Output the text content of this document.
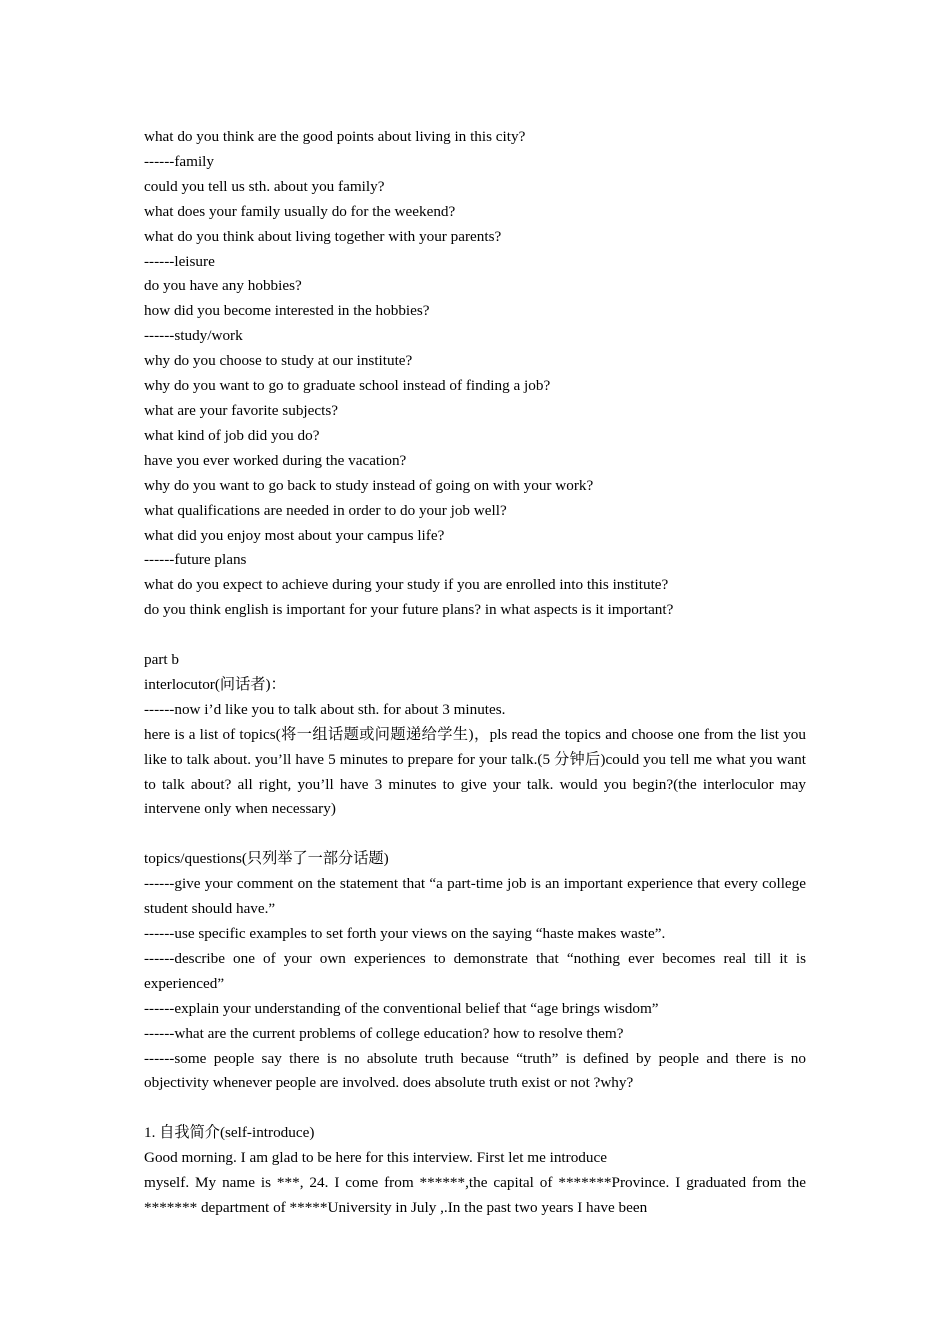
what do you think are the good points about living in this city?
------family
could you tell us sth. about you family?
what does your family usually do for the weekend?
what do you think about living together with your parents?
------leisure
do you have any hobbies?
how did you become interested in the hobbies?
------study/work
why do you choose to study at our institute?
why do you want to go to graduate school instead of finding a job?
what are your favorite subjects?
what kind of job did you do?
have you ever worked during the vacation?
why do you want to go back to study instead of going on with your work?
what qualifications are needed in order to do your job well?
what did you enjoy most about your campus life?
------future plans
what do you expect to achieve during your study if you are enrolled into this institute?
do you think english is important for your future plans? in what aspects is it important?
part b
interlocutor(问话者)：
------now i’d like you to talk about sth. for about 3 minutes.
here is a list of topics(将一组话题或问题递给学生)，pls read the topics and choose one from the list you like to talk about. you’ll have 5 minutes to prepare for your talk.(5 分钟后)could you tell me what you want to talk about? all right, you’ll have 3 minutes to give your talk. would you begin?(the interloculor may intervene only when necessary)
topics/questions(只列举了一部分话题)
------give your comment on the statement that “a part-time job is an important experience that every college student should have.”
------use specific examples to set forth your views on the saying “haste makes waste”.
------describe one of your own experiences to demonstrate that “nothing ever becomes real till it is experienced”
------explain your understanding of the conventional belief that “age brings wisdom”
------what are the current problems of college education? how to resolve them?
------some people say there is no absolute truth because “truth” is defined by people and there is no objectivity whenever people are involved. does absolute truth exist or not ?why?
1. 自我简介(self-introduce)
Good morning. I am glad to be here for this interview. First let me introduce
myself. My name is ***, 24. I come from ******,the capital of *******Province. I graduated from the ******* department of *****University in July ,.In the past two years I have been
